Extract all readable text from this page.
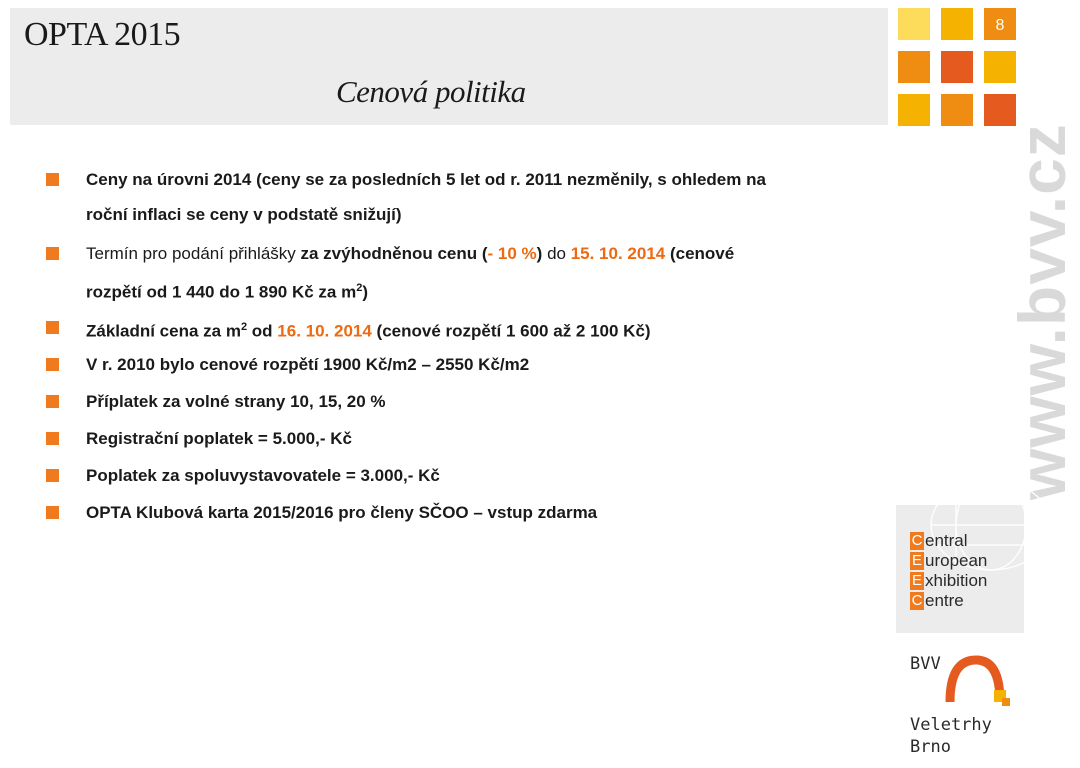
OPTA 2015
Cenová politika
8
Ceny na úrovni 2014 (ceny se za posledních 5 let od r. 2011 nezměnily, s ohledem na
roční inflaci se ceny v podstatě snižují)
Termín pro podání přihlášky za zvýhodněnou cenu (- 10 %) do 15. 10. 2014 (cenové
rozpětí od 1 440 do 1 890 Kč za $m^2$)
Základní cena za $m^2$ od 16. 10. 2014 (cenové rozpětí 1 600 až 2 100 Kč)
V r. 2010 bylo cenové rozpětí 1900 Kč/m2 – 2550 Kč/m2
Příplatek za volné strany 10, 15, 20 %
Registrační poplatek = 5.000,- Kč
Poplatek za spoluvystavovatele = 3.000,- Kč
OPTA Klubová karta 2015/2016 pro členy SČOO – vstup zdarma
www.bvv.cz
C entral
E uropean
E xhibition
C entre
BVV
Veletrhy
Brno
